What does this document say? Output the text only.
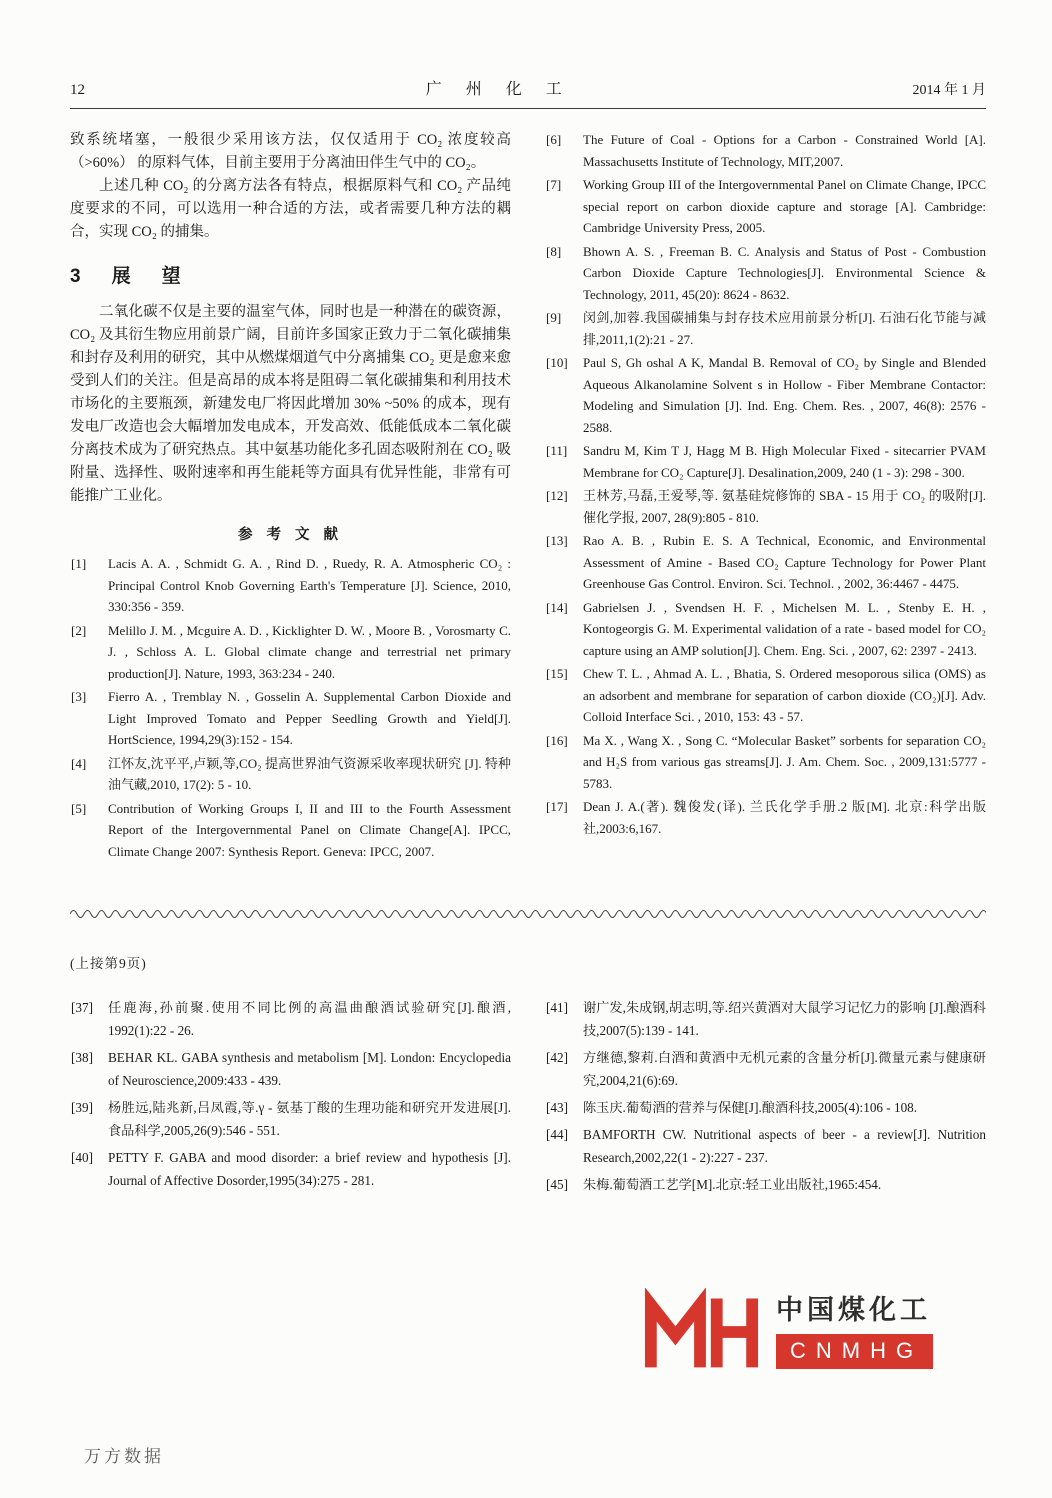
12	广 州 化 工	2014 年 1 月

致系统堵塞，一般很少采用该方法，仅仅适用于 CO₂ 浓度较高（>60%） 的原料气体，目前主要用于分离油田伴生气中的 CO₂。

上述几种 CO₂ 的分离方法各有特点，根据原料气和 CO₂ 产品纯度要求的不同，可以选用一种合适的方法，或者需要几种方法的耦合，实现 CO₂ 的捕集。

3　展　望

二氧化碳不仅是主要的温室气体，同时也是一种潜在的碳资源，CO₂ 及其衍生物应用前景广阔，目前许多国家正致力于二氧化碳捕集和封存及利用的研究，其中从燃煤烟道气中分离捕集 CO₂ 更是愈来愈受到人们的关注。但是高昂的成本将是阻碍二氧化碳捕集和利用技术市场化的主要瓶颈，新建发电厂将因此增加 30% ~50% 的成本，现有发电厂改造也会大幅增加发电成本，开发高效、低能低成本二氧化碳分离技术成为了研究热点。其中氨基功能化多孔固态吸附剂在 CO₂ 吸附量、选择性、吸附速率和再生能耗等方面具有优异性能，非常有可能推广工业化。

参 考 文 献
[1] Lacis A. A. , Schmidt G. A. , Rind D. , Ruedy, R. A. Atmospheric CO₂ : Principal Control Knob Governing Earth's Temperature [J]. Science, 2010, 330:356 - 359.
[2] Melillo J. M. , Mcguire A. D. , Kicklighter D. W. , Moore B. , Vorosmarty C. J. , Schloss A. L. Global climate change and terrestrial net primary production[J]. Nature, 1993, 363:234 - 240.
[3] Fierro A. , Tremblay N. , Gosselin A. Supplemental Carbon Dioxide and Light Improved Tomato and Pepper Seedling Growth and Yield[J]. HortScience, 1994,29(3):152 - 154.
[4] 江怀友,沈平平,卢颖,等,CO₂ 提高世界油气资源采收率现状研究 [J]. 特种油气藏,2010, 17(2): 5 - 10.
[5] Contribution of Working Groups I, II and III to the Fourth Assessment Report of the Intergovernmental Panel on Climate Change[A]. IPCC, Climate Change 2007: Synthesis Report. Geneva: IPCC, 2007.
[6] The Future of Coal - Options for a Carbon - Constrained World [A]. Massachusetts Institute of Technology, MIT,2007.
[7] Working Group III of the Intergovernmental Panel on Climate Change, IPCC special report on carbon dioxide capture and storage [A]. Cambridge: Cambridge University Press, 2005.
[8] Bhown A. S. , Freeman B. C. Analysis and Status of Post - Combustion Carbon Dioxide Capture Technologies[J]. Environmental Science & Technology, 2011, 45(20): 8624 - 8632.
[9] 闵剑,加蓉.我国碳捕集与封存技术应用前景分析[J]. 石油石化节能与减排,2011,1(2):21 - 27.
[10] Paul S, Gh oshal A K, Mandal B. Removal of CO₂ by Single and Blended Aqueous Alkanolamine Solvent s in Hollow - Fiber Membrane Contactor: Modeling and Simulation [J]. Ind. Eng. Chem. Res. , 2007, 46(8): 2576 - 2588.
[11] Sandru M, Kim T J, Hagg M B. High Molecular Fixed - sitecarrier PVAM Membrane for CO₂ Capture[J]. Desalination,2009, 240 (1 - 3): 298 - 300.
[12] 王林芳,马磊,王爱琴,等. 氨基硅烷修饰的 SBA - 15 用于 CO₂ 的吸附[J]. 催化学报, 2007, 28(9):805 - 810.
[13] Rao A. B. , Rubin E. S. A Technical, Economic, and Environmental Assessment of Amine - Based CO₂ Capture Technology for Power Plant Greenhouse Gas Control. Environ. Sci. Technol. , 2002, 36:4467 - 4475.
[14] Gabrielsen J. , Svendsen H. F. , Michelsen M. L. , Stenby E. H. , Kontogeorgis G. M. Experimental validation of a rate - based model for CO₂ capture using an AMP solution[J]. Chem. Eng. Sci. , 2007, 62: 2397 - 2413.
[15] Chew T. L. , Ahmad A. L. , Bhatia, S. Ordered mesoporous silica (OMS) as an adsorbent and membrane for separation of carbon dioxide (CO₂)[J]. Adv. Colloid Interface Sci. , 2010, 153: 43 - 57.
[16] Ma X. , Wang X. , Song C. “Molecular Basket” sorbents for separation CO₂ and H₂S from various gas streams[J]. J. Am. Chem. Soc. , 2009,131:5777 - 5783.
[17] Dean J. A.(著). 魏俊发(译). 兰氏化学手册.2 版[M]. 北京:科学出版社,2003:6,167.
(上接第9页)
[37] 任鹿海,孙前聚.使用不同比例的高温曲酿酒试验研究[J].酿酒, 1992(1):22 - 26.
[38] BEHAR KL. GABA synthesis and metabolism [M]. London: Encyclopedia of Neuroscience,2009:433 - 439.
[39] 杨胜远,陆兆新,吕凤霞,等.γ - 氨基丁酸的生理功能和研究开发进展[J].食品科学,2005,26(9):546 - 551.
[40] PETTY F. GABA and mood disorder: a brief review and hypothesis [J]. Journal of Affective Dosorder,1995(34):275 - 281.
[41] 谢广发,朱成钢,胡志明,等.绍兴黄酒对大鼠学习记忆力的影响 [J].酿酒科技,2007(5):139 - 141.
[42] 方继德,黎莉.白酒和黄酒中无机元素的含量分析[J].微量元素与健康研究,2004,21(6):69.
[43] 陈玉庆.葡萄酒的营养与保健[J].酿酒科技,2005(4):106 - 108.
[44] BAMFORTH CW. Nutritional aspects of beer - a review[J]. Nutrition Research,2002,22(1 - 2):227 - 237.
[45] 朱梅.葡萄酒工艺学[M].北京:轻工业出版社,1965:454.
中国煤化工
CNMHG
万方数据
